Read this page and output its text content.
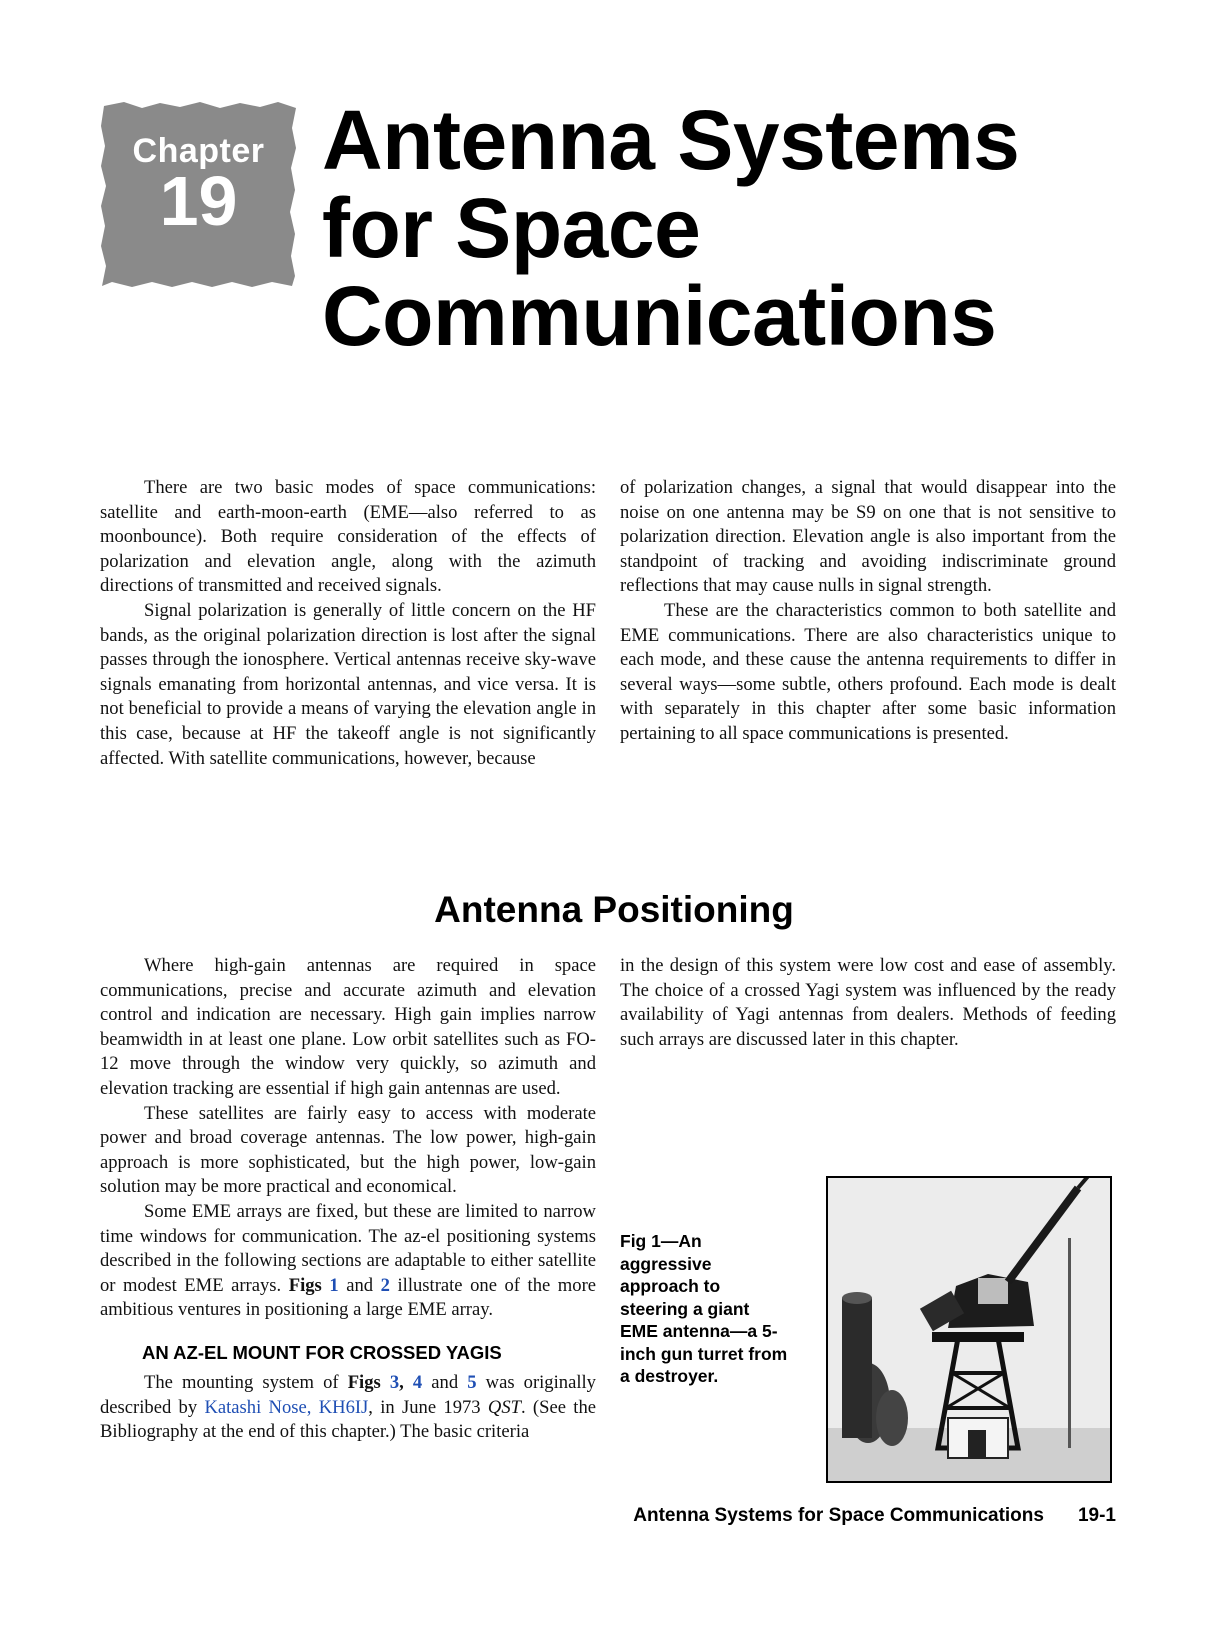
Chapter
19
Antenna Systems
for Space
Communications

There are two basic modes of space communications: satellite and earth-moon-earth (EME—also referred to as moonbounce). Both require consideration of the effects of polarization and elevation angle, along with the azimuth directions of transmitted and received signals.

Signal polarization is generally of little concern on the HF bands, as the original polarization direction is lost after the signal passes through the ionosphere. Vertical antennas receive sky-wave signals emanating from horizontal antennas, and vice versa. It is not beneficial to provide a means of varying the elevation angle in this case, because at HF the takeoff angle is not significantly affected. With satellite communications, however, because

of polarization changes, a signal that would disappear into the noise on one antenna may be S9 on one that is not sensitive to polarization direction. Elevation angle is also important from the standpoint of tracking and avoiding indiscriminate ground reflections that may cause nulls in signal strength.

These are the characteristics common to both satellite and EME communications. There are also characteristics unique to each mode, and these cause the antenna requirements to differ in several ways—some subtle, others profound. Each mode is dealt with separately in this chapter after some basic information pertaining to all space communications is presented.

Antenna Positioning

Where high-gain antennas are required in space communications, precise and accurate azimuth and elevation control and indication are necessary. High gain implies narrow beamwidth in at least one plane. Low orbit satellites such as FO-12 move through the window very quickly, so azimuth and elevation tracking are essential if high gain antennas are used.

These satellites are fairly easy to access with moderate power and broad coverage antennas. The low power, high-gain approach is more sophisticated, but the high power, low-gain solution may be more practical and economical.

Some EME arrays are fixed, but these are limited to narrow time windows for communication. The az-el positioning systems described in the following sections are adaptable to either satellite or modest EME arrays. Figs 1 and 2 illustrate one of the more ambitious ventures in positioning a large EME array.

AN AZ-EL MOUNT FOR CROSSED YAGIS

The mounting system of Figs 3, 4 and 5 was originally described by Katashi Nose, KH6IJ, in June 1973 QST. (See the Bibliography at the end of this chapter.) The basic criteria

in the design of this system were low cost and ease of assembly. The choice of a crossed Yagi system was influenced by the ready availability of Yagi antennas from dealers. Methods of feeding such arrays are discussed later in this chapter.

Fig 1—An aggressive approach to steering a giant EME antenna—a 5-inch gun turret from a destroyer.
Antenna Systems for Space Communications 19-1
